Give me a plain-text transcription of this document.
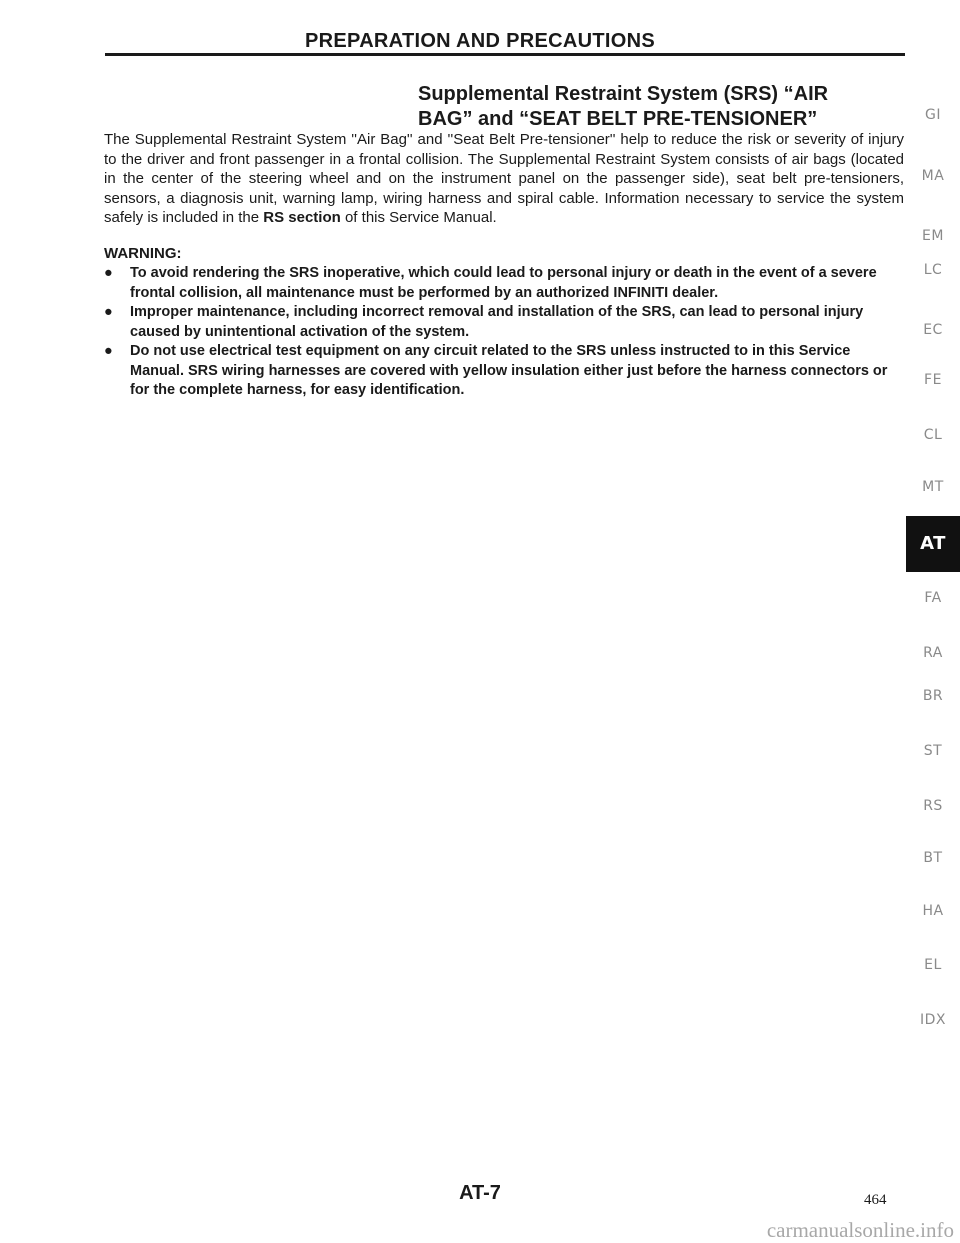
PREPARATION AND PRECAUTIONS
Supplemental Restraint System (SRS) “AIR
BAG” and “SEAT BELT PRE-TENSIONER”
The Supplemental Restraint System ''Air Bag'' and ''Seat Belt Pre-tensioner'' help to reduce the risk or severity of injury to the driver and front passenger in a frontal collision. The Supplemental Restraint System consists of air bags (located in the center of the steering wheel and on the instrument panel on the passenger side), seat belt pre-tensioners, sensors, a diagnosis unit, warning lamp, wiring harness and spiral cable. Information necessary to service the system safely is included in the RS section of this Service Manual.
WARNING:
● To avoid rendering the SRS inoperative, which could lead to personal injury or death in the event of a severe frontal collision, all maintenance must be performed by an authorized INFINITI dealer.
● Improper maintenance, including incorrect removal and installation of the SRS, can lead to personal injury caused by unintentional activation of the system.
● Do not use electrical test equipment on any circuit related to the SRS unless instructed to in this Service Manual. SRS wiring harnesses are covered with yellow insulation either just before the harness connectors or for the complete harness, for easy identification.
GI
MA
EM
LC
EC
FE
CL
MT
AT
FA
RA
BR
ST
RS
BT
HA
EL
IDX
AT-7	464
carmanualsonline.info
